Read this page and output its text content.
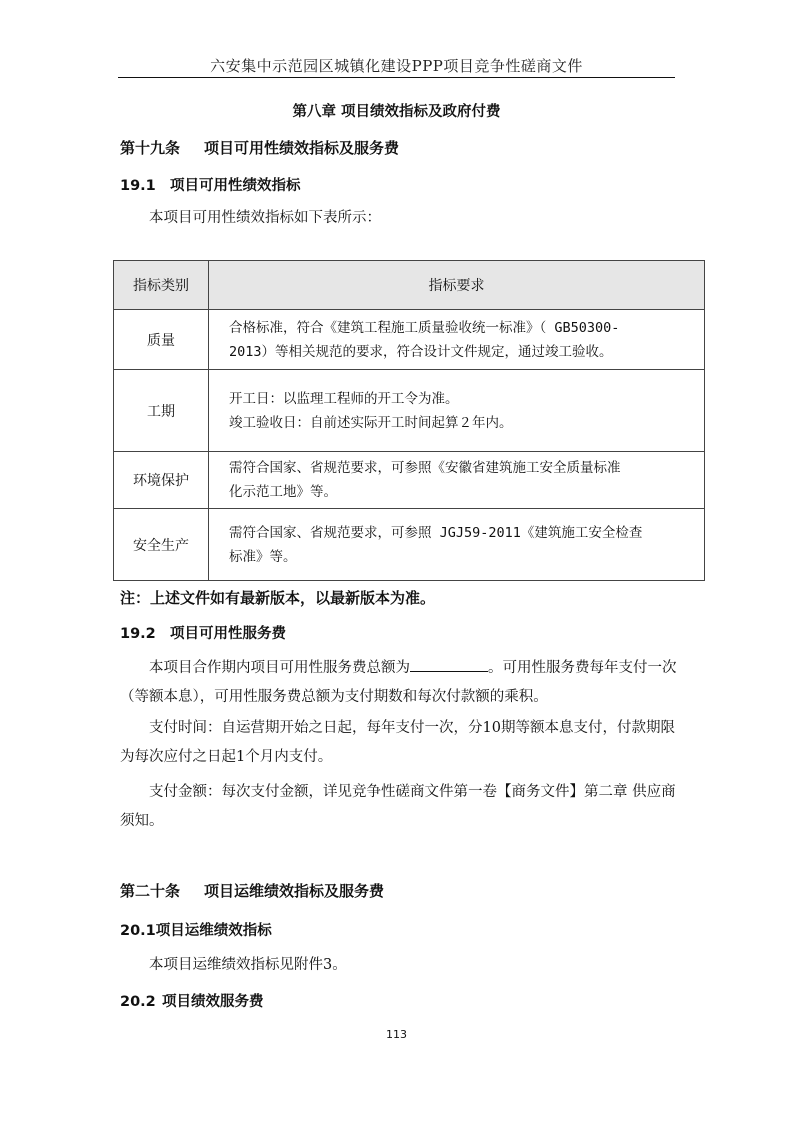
六安集中示范园区城镇化建设PPP项目竞争性磋商文件
第八章 项目绩效指标及政府付费
第十九条 项目可用性绩效指标及服务费
19.1 项目可用性绩效指标
本项目可用性绩效指标如下表所示：
指标类别	指标要求
质量	合格标准，符合《建筑工程施工质量验收统一标准》（ GB50300-
2013）等相关规范的要求，符合设计文件规定，通过竣工验收。

工期	开工日：以监理工程师的开工令为准。
竣工验收日：自前述实际开工时间起算２年内。

环境保护	需符合国家、省规范要求，可参照《安徽省建筑施工安全质量标准
化示范工地》等。

安全生产	需符合国家、省规范要求，可参照 JGJ59-2011《建筑施工安全检查
标准》等。
注：上述文件如有最新版本，以最新版本为准。
19.2 项目可用性服务费
本项目合作期内项目可用性服务费总额为	。可用性服务费每年支付一次（等额本息），可用性服务费总额为支付期数和每次付款额的乘积。
支付时间：自运营期开始之日起，每年支付一次，分10期等额本息支付，付款期限为每次应付之日起1个月内支付。
支付金额：每次支付金额，详见竞争性磋商文件第一卷【商务文件】第二章 供应商须知。
第二十条 项目运维绩效指标及服务费
20.1项目运维绩效指标
本项目运维绩效指标见附件3。
20.2 项目绩效服务费
113
